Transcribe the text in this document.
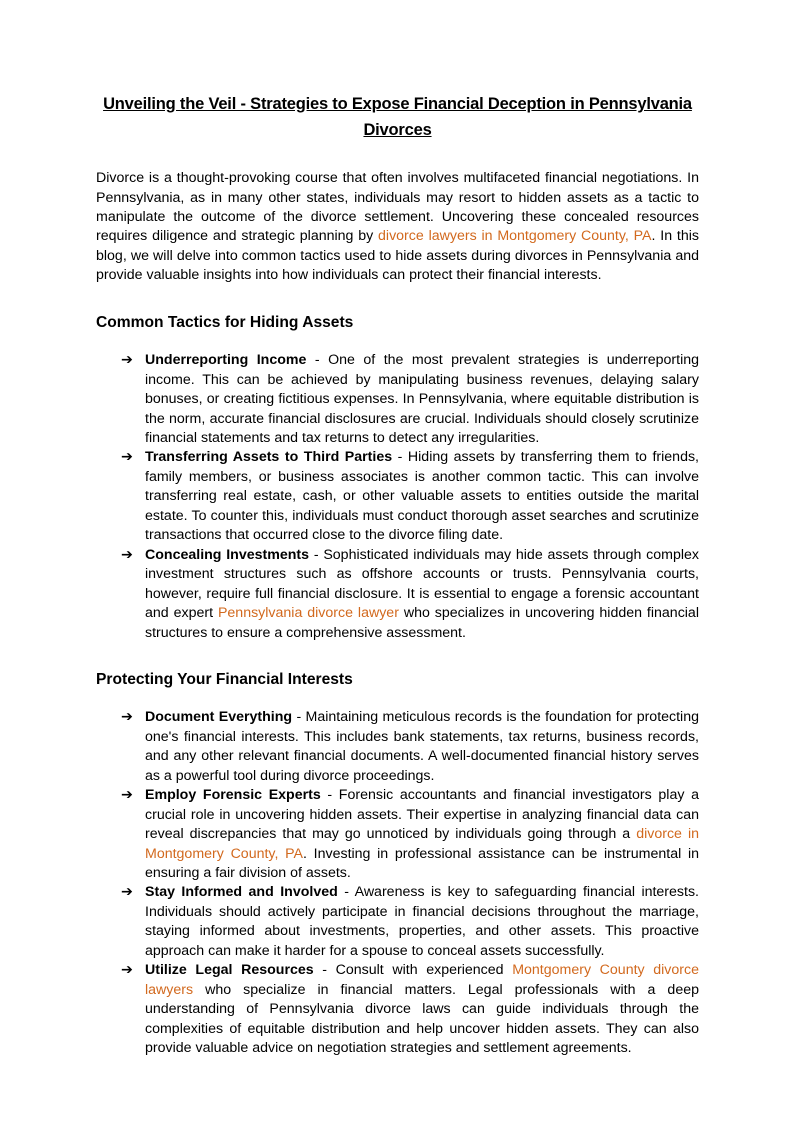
Unveiling the Veil - Strategies to Expose Financial Deception in Pennsylvania Divorces

Divorce is a thought-provoking course that often involves multifaceted financial negotiations. In Pennsylvania, as in many other states, individuals may resort to hidden assets as a tactic to manipulate the outcome of the divorce settlement. Uncovering these concealed resources requires diligence and strategic planning by divorce lawyers in Montgomery County, PA. In this blog, we will delve into common tactics used to hide assets during divorces in Pennsylvania and provide valuable insights into how individuals can protect their financial interests.

Common Tactics for Hiding Assets
➔ Underreporting Income - One of the most prevalent strategies is underreporting income. This can be achieved by manipulating business revenues, delaying salary bonuses, or creating fictitious expenses. In Pennsylvania, where equitable distribution is the norm, accurate financial disclosures are crucial. Individuals should closely scrutinize financial statements and tax returns to detect any irregularities.
➔ Transferring Assets to Third Parties - Hiding assets by transferring them to friends, family members, or business associates is another common tactic. This can involve transferring real estate, cash, or other valuable assets to entities outside the marital estate. To counter this, individuals must conduct thorough asset searches and scrutinize transactions that occurred close to the divorce filing date.
➔ Concealing Investments - Sophisticated individuals may hide assets through complex investment structures such as offshore accounts or trusts. Pennsylvania courts, however, require full financial disclosure. It is essential to engage a forensic accountant and expert Pennsylvania divorce lawyer who specializes in uncovering hidden financial structures to ensure a comprehensive assessment.
Protecting Your Financial Interests
➔ Document Everything - Maintaining meticulous records is the foundation for protecting one's financial interests. This includes bank statements, tax returns, business records, and any other relevant financial documents. A well-documented financial history serves as a powerful tool during divorce proceedings.
➔ Employ Forensic Experts - Forensic accountants and financial investigators play a crucial role in uncovering hidden assets. Their expertise in analyzing financial data can reveal discrepancies that may go unnoticed by individuals going through a divorce in Montgomery County, PA. Investing in professional assistance can be instrumental in ensuring a fair division of assets.
➔ Stay Informed and Involved - Awareness is key to safeguarding financial interests. Individuals should actively participate in financial decisions throughout the marriage, staying informed about investments, properties, and other assets. This proactive approach can make it harder for a spouse to conceal assets successfully.
➔ Utilize Legal Resources - Consult with experienced Montgomery County divorce lawyers who specialize in financial matters. Legal professionals with a deep understanding of Pennsylvania divorce laws can guide individuals through the complexities of equitable distribution and help uncover hidden assets. They can also provide valuable advice on negotiation strategies and settlement agreements.
